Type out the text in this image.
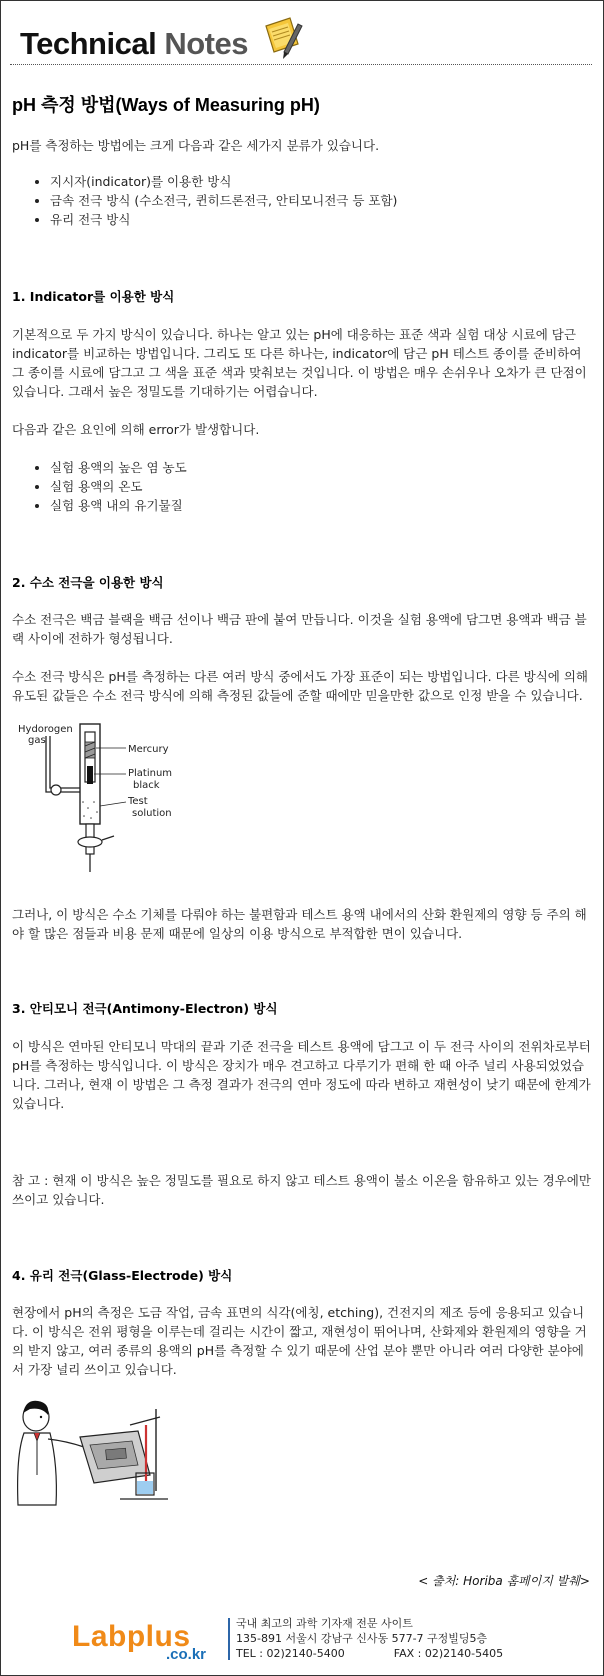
Technical Notes
pH 측정 방법(Ways of Measuring pH)

pH를 측정하는 방법에는 크게 다음과 같은 세가지 분류가 있습니다.

• 지시자(indicator)를 이용한 방식
• 금속 전극 방식 (수소전극, 퀸히드론전극, 안티모니전극 등 포함)
• 유리 전극 방식
1. Indicator를 이용한 방식

기본적으로 두 가지 방식이 있습니다. 하나는 알고 있는 pH에 대응하는 표준 색과 실험 대상 시료에 담근 indicator를 비교하는 방법입니다. 그리도 또 다른 하나는, indicator에 담근 pH 테스트 종이를 준비하여 그 종이를 시료에 담그고 그 색을 표준 색과 맞춰보는 것입니다. 이 방법은 매우 손쉬우나 오차가 큰 단점이 있습니다. 그래서 높은 정밀도를 기대하기는 어렵습니다.

다음과 같은 요인에 의해 error가 발생합니다.

• 실험 용액의 높은 염 농도
• 실험 용액의 온도
• 실험 용액 내의 유기물질
2. 수소 전극을 이용한 방식

수소 전극은 백금 블랙을 백금 선이나 백금 판에 붙여 만듭니다. 이것을 실험 용액에 담그면 용액과 백금 블랙 사이에 전하가 형성됩니다.

수소 전극 방식은 pH를 측정하는 다른 여러 방식 중에서도 가장 표준이 되는 방법입니다. 다른 방식에 의해 유도된 값들은 수소 전극 방식에 의해 측정된 값들에 준할 때에만 믿을만한 값으로 인정 받을 수 있습니다.

Hydorogen
gas
Mercury
Platinum
black
Test
solution

그러나, 이 방식은 수소 기체를 다뤄야 하는 불편함과 테스트 용액 내에서의 산화 환원제의 영향 등 주의 해야 할 많은 점들과 비용 문제 때문에 일상의 이용 방식으로 부적합한 면이 있습니다.

3. 안티모니 전극(Antimony-Electron) 방식

이 방식은 연마된 안티모니 막대의 끝과 기준 전극을 테스트 용액에 담그고 이 두 전극 사이의 전위차로부터 pH를 측정하는 방식입니다. 이 방식은 장치가 매우 견고하고 다루기가 편해 한 때 아주 널리 사용되었었습니다. 그러나, 현재 이 방법은 그 측정 결과가 전극의 연마 정도에 따라 변하고 재현성이 낮기 때문에 한계가 있습니다.

참 고 : 현재 이 방식은 높은 정밀도를 필요로 하지 않고 테스트 용액이 불소 이온을 함유하고 있는 경우에만 쓰이고 있습니다.

4. 유리 전극(Glass-Electrode) 방식

현장에서 pH의 측정은 도금 작업, 금속 표면의 식각(에칭, etching), 건전지의 제조 등에 응용되고 있습니다. 이 방식은 전위 평형을 이루는데 걸리는 시간이 짧고, 재현성이 뛰어나며, 산화제와 환원제의 영향을 거의 받지 않고, 여러 종류의 용액의 pH를 측정할 수 있기 때문에 산업 분야 뿐만 아니라 여러 다양한 분야에서 가장 널리 쓰이고 있습니다.

< 출처: Horiba 홈페이지 발췌>
Labplus
.co.kr
국내 최고의 과학 기자재 전문 사이트
135-891 서울시 강남구 신사동 577-7 구정빌딩5층
TEL : 02)2140-5400	FAX : 02)2140-5405
